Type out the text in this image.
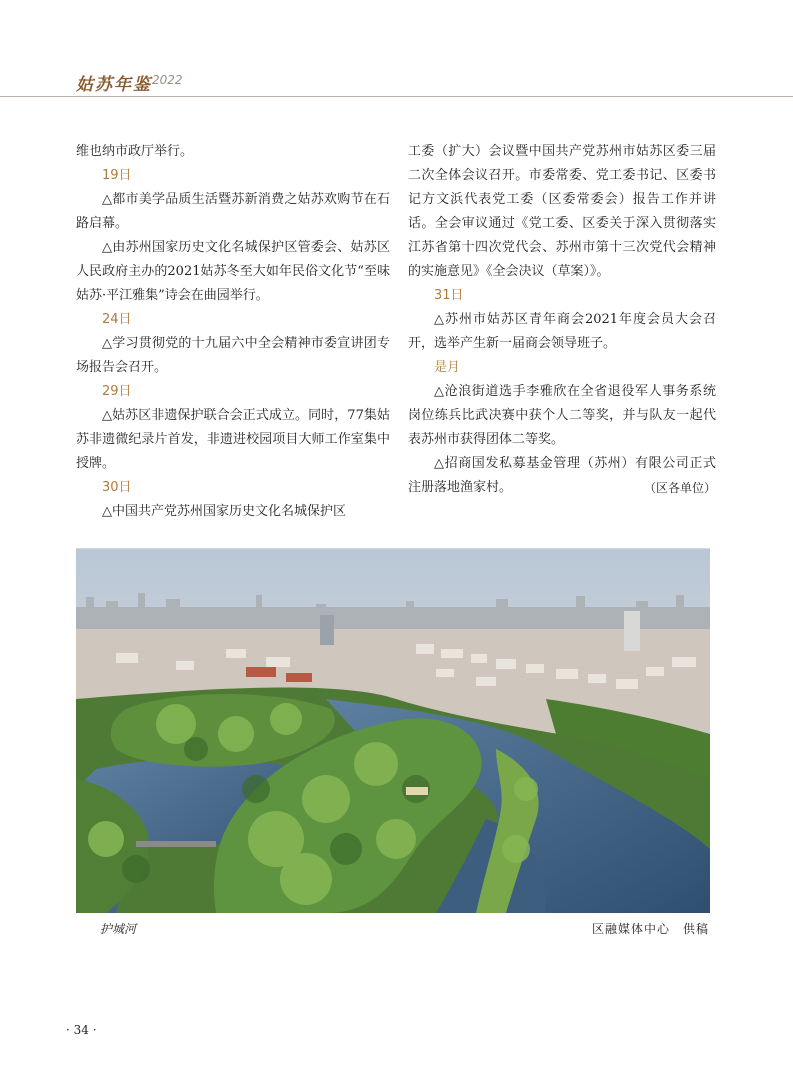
姑苏年鉴 2022

维也纳市政厅举行。

19日

△都市美学品质生活暨苏新消费之姑苏欢购节在石路启幕。

△由苏州国家历史文化名城保护区管委会、姑苏区人民政府主办的2021姑苏冬至大如年民俗文化节“至味姑苏·平江雅集”诗会在曲园举行。

24日

△学习贯彻党的十九届六中全会精神市委宣讲团专场报告会召开。

29日

△姑苏区非遗保护联合会正式成立。同时，77集姑苏非遗微纪录片首发，非遗进校园项目大师工作室集中授牌。

30日

△中国共产党苏州国家历史文化名城保护区

工委（扩大）会议暨中国共产党苏州市姑苏区委三届二次全体会议召开。市委常委、党工委书记、区委书记方文浜代表党工委（区委常委会）报告工作并讲话。全会审议通过《党工委、区委关于深入贯彻落实江苏省第十四次党代会、苏州市第十三次党代会精神的实施意见》《全会决议（草案）》。

31日

△苏州市姑苏区青年商会2021年度会员大会召开，选举产生新一届商会领导班子。

是月

△沧浪街道选手李雅欣在全省退役军人事务系统岗位练兵比武决赛中获个人二等奖，并与队友一起代表苏州市获得团体二等奖。

△招商国发私募基金管理（苏州）有限公司正式注册落地渔家村。	（区各单位）

护城河	区融媒体中心　供稿
· 34 ·
